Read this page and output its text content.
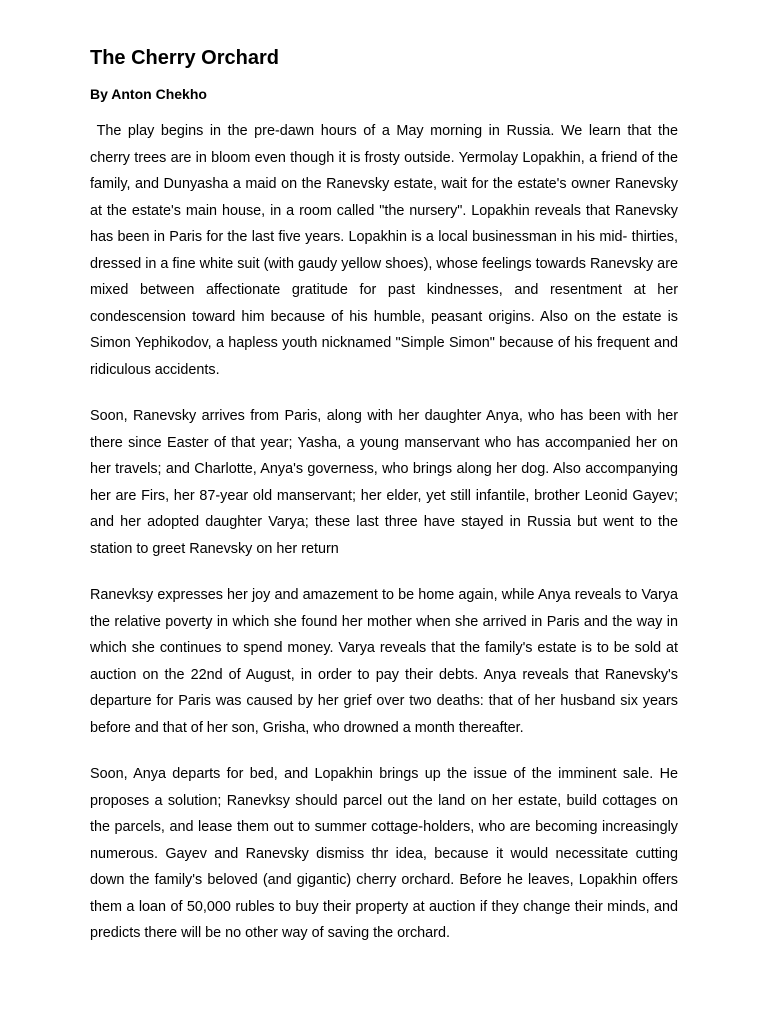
The Cherry Orchard
By Anton Chekho

The play begins in the pre-dawn hours of a May morning in Russia. We learn that the cherry trees are in bloom even though it is frosty outside. Yermolay Lopakhin, a friend of the family, and Dunyasha a maid on the Ranevsky estate, wait for the estate's owner Ranevsky at the estate's main house, in a room called "the nursery". Lopakhin reveals that Ranevsky has been in Paris for the last five years. Lopakhin is a local businessman in his mid- thirties, dressed in a fine white suit (with gaudy yellow shoes), whose feelings towards Ranevsky are mixed between affectionate gratitude for past kindnesses, and resentment at her condescension toward him because of his humble, peasant origins. Also on the estate is Simon Yephikodov, a hapless youth nicknamed "Simple Simon" because of his frequent and ridiculous accidents.

Soon, Ranevsky arrives from Paris, along with her daughter Anya, who has been with her there since Easter of that year; Yasha, a young manservant who has accompanied her on her travels; and Charlotte, Anya's governess, who brings along her dog. Also accompanying her are Firs, her 87-year old manservant; her elder, yet still infantile, brother Leonid Gayev; and her adopted daughter Varya; these last three have stayed in Russia but went to the station to greet Ranevsky on her return

Ranevksy expresses her joy and amazement to be home again, while Anya reveals to Varya the relative poverty in which she found her mother when she arrived in Paris and the way in which she continues to spend money. Varya reveals that the family's estate is to be sold at auction on the 22nd of August, in order to pay their debts. Anya reveals that Ranevsky's departure for Paris was caused by her grief over two deaths: that of her husband six years before and that of her son, Grisha, who drowned a month thereafter.

Soon, Anya departs for bed, and Lopakhin brings up the issue of the imminent sale. He proposes a solution; Ranevksy should parcel out the land on her estate, build cottages on the parcels, and lease them out to summer cottage-holders, who are becoming increasingly numerous. Gayev and Ranevsky dismiss thr idea, because it would necessitate cutting down the family's beloved (and gigantic) cherry orchard. Before he leaves, Lopakhin offers them a loan of 50,000 rubles to buy their property at auction if they change their minds, and predicts there will be no other way of saving the orchard.
